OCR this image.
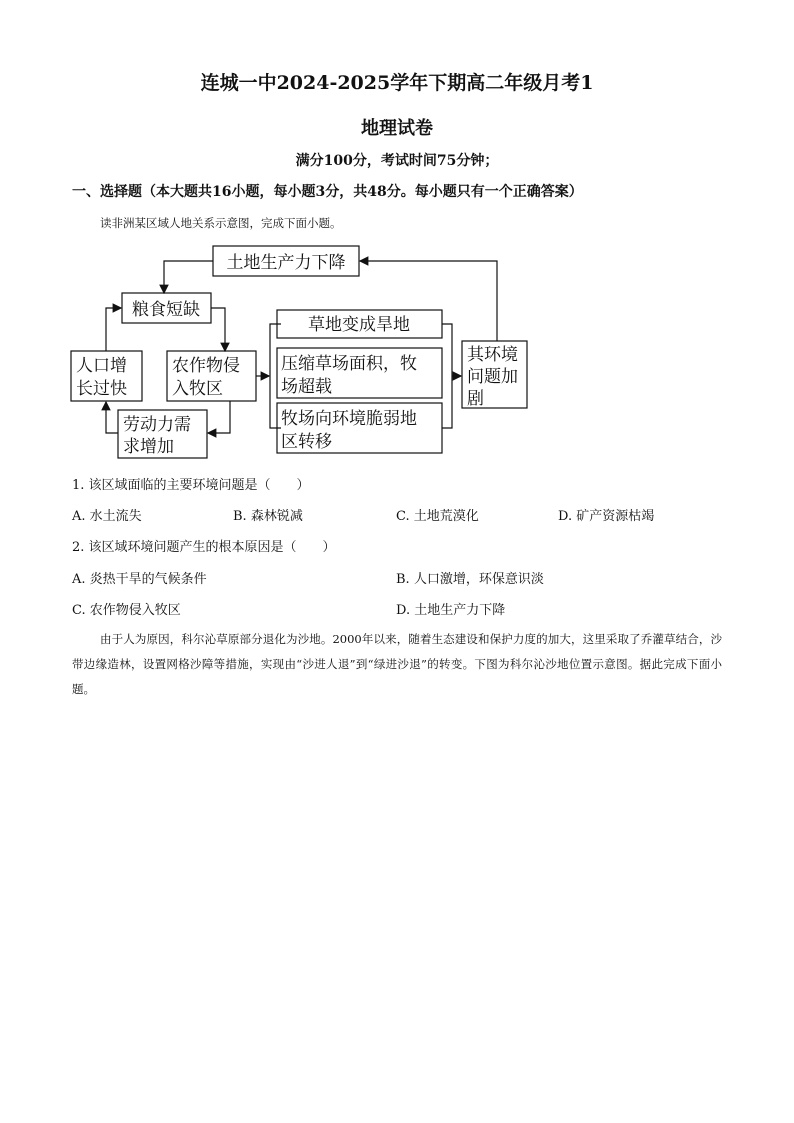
连城一中2024-2025学年下期高二年级月考1
地理试卷
满分100分，考试时间75分钟；
一、选择题（本大题共16小题，每小题3分，共48分。每小题只有一个正确答案）
读非洲某区域人地关系示意图，完成下面小题。
土地生产力下降
粮食短缺
人口增
长过快
农作物侵
入牧区
劳动力需
求增加
草地变成旱地
压缩草场面积，牧
场超载
牧场向环境脆弱地
区转移
其环境
问题加
剧
1. 该区域面临的主要环境问题是（　　）
A. 水土流失	B. 森林锐减	C. 土地荒漠化	D. 矿产资源枯竭
2. 该区域环境问题产生的根本原因是（　　）
A. 炎热干旱的气候条件	B. 人口激增，环保意识淡
C. 农作物侵入牧区	D. 土地生产力下降
由于人为原因，科尔沁草原部分退化为沙地。2000年以来，随着生态建设和保护力度的加大，这里采取了乔灌草结合，沙带边缘造林，设置网格沙障等措施，实现由“沙进人退”到“绿进沙退”的转变。下图为科尔沁沙地位置示意图。据此完成下面小题。
